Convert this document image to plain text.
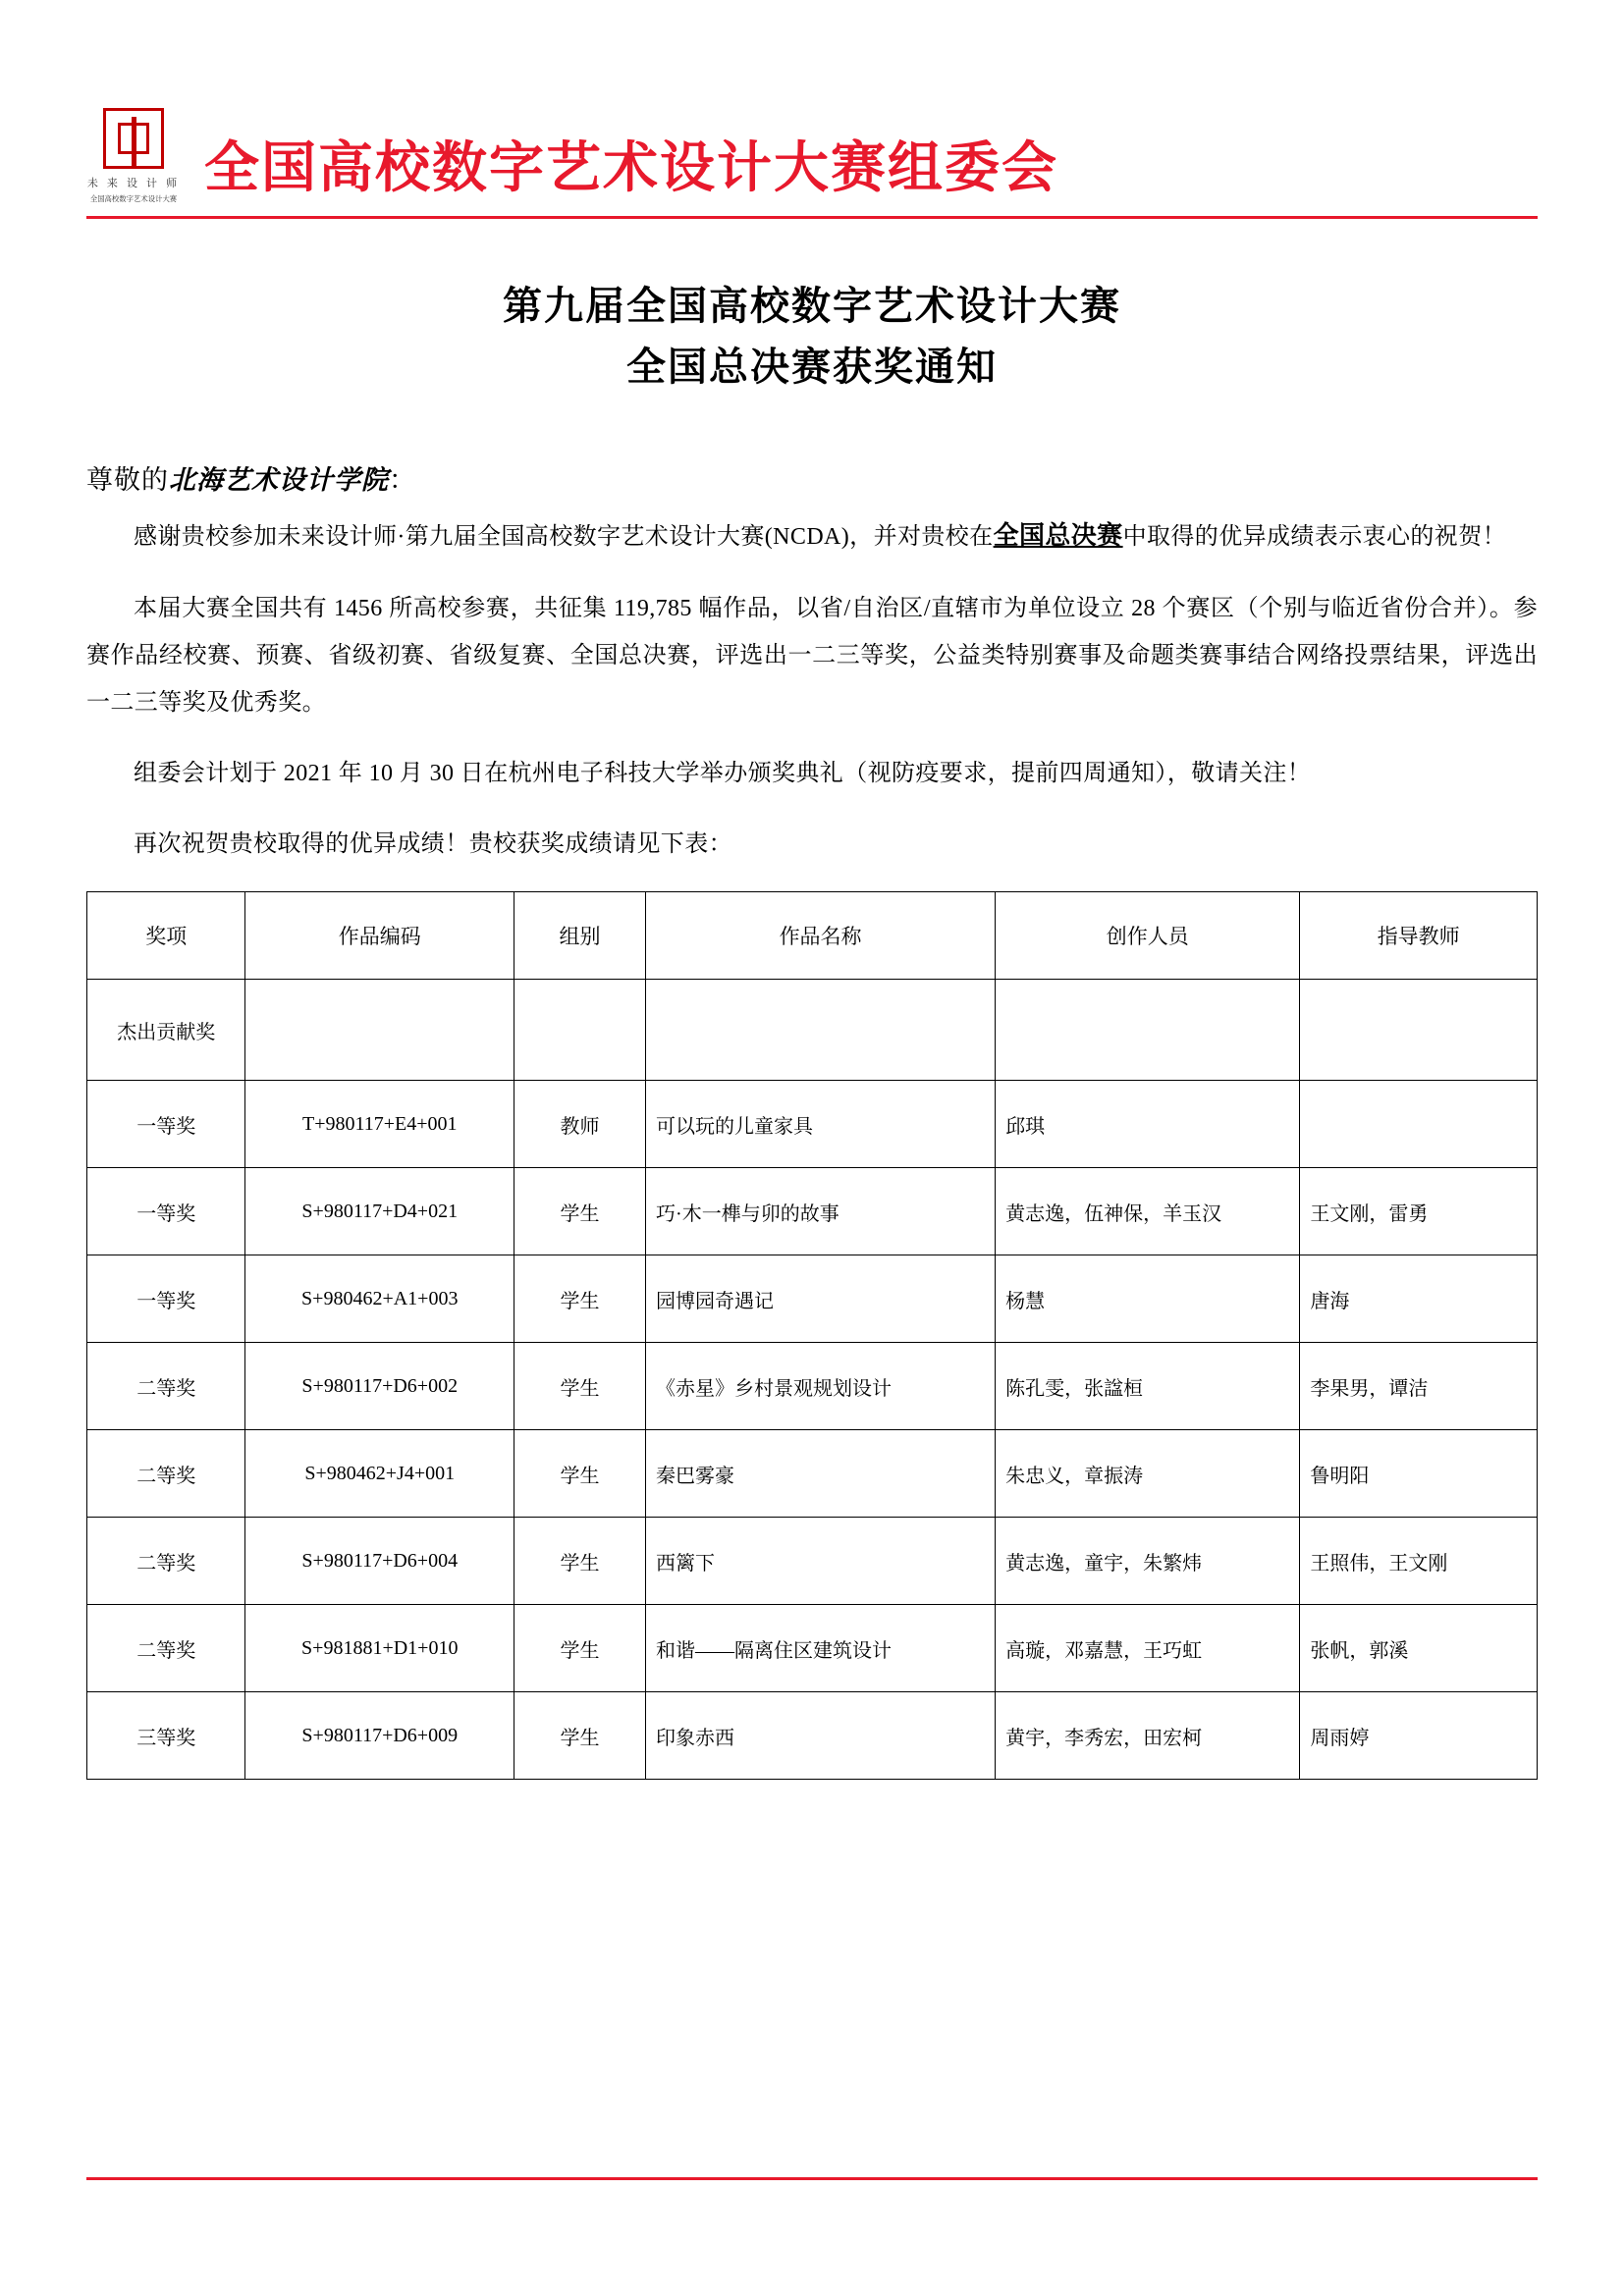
未 来 设 计 师
全国高校数字艺术设计大赛
全国高校数字艺术设计大赛组委会
第九届全国高校数字艺术设计大赛
全国总决赛获奖通知
尊敬的北海艺术设计学院：

感谢贵校参加未来设计师·第九届全国高校数字艺术设计大赛(NCDA)，并对贵校在全国总决赛中取得的优异成绩表示衷心的祝贺！

本届大赛全国共有 1456 所高校参赛，共征集 119,785 幅作品，以省/自治区/直辖市为单位设立 28 个赛区（个别与临近省份合并）。参赛作品经校赛、预赛、省级初赛、省级复赛、全国总决赛，评选出一二三等奖，公益类特别赛事及命题类赛事结合网络投票结果，评选出一二三等奖及优秀奖。

组委会计划于 2021 年 10 月 30 日在杭州电子科技大学举办颁奖典礼（视防疫要求，提前四周通知），敬请关注！

再次祝贺贵校取得的优异成绩！贵校获奖成绩请见下表：

奖项	作品编码	组别	作品名称	创作人员	指导教师
杰出贡献奖					
一等奖	T+980117+E4+001	教师	可以玩的儿童家具	邱琪	
一等奖	S+980117+D4+021	学生	巧·木一榫与卯的故事	黄志逸，伍神保，羊玉汉	王文刚，雷勇
一等奖	S+980462+A1+003	学生	园博园奇遇记	杨慧	唐海
二等奖	S+980117+D6+002	学生	《赤星》乡村景观规划设计	陈孔雯，张諡桓	李果男，谭洁
二等奖	S+980462+J4+001	学生	秦巴雾豪	朱忠义，章振涛	鲁明阳
二等奖	S+980117+D6+004	学生	西篱下	黄志逸，童宇，朱繁炜	王照伟，王文刚
二等奖	S+981881+D1+010	学生	和谐——隔离住区建筑设计	高璇，邓嘉慧，王巧虹	张帆，郭溪
三等奖	S+980117+D6+009	学生	印象赤西	黄宇，李秀宏，田宏柯	周雨婷
